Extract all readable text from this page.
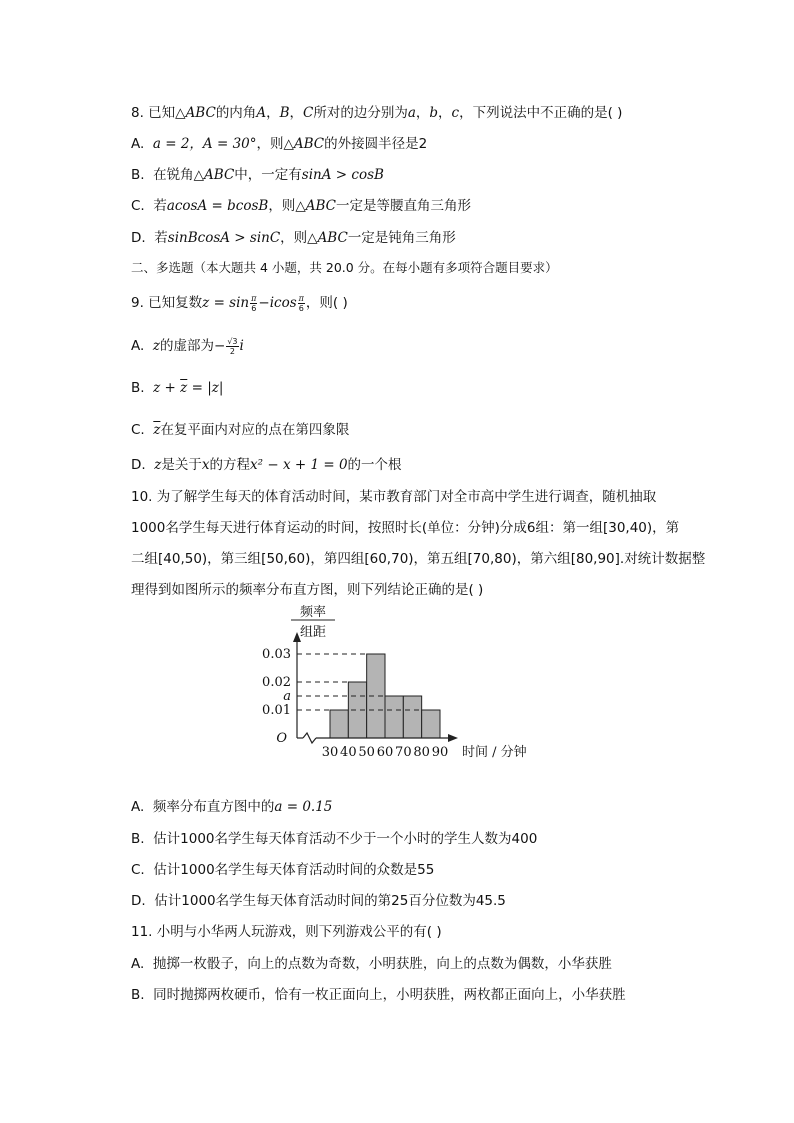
8. 已知△ABC的内角A，B，C所对的边分别为a，b，c，下列说法中不正确的是( )
A. a = 2，A = 30°，则△ABC的外接圆半径是2
B. 在锐角△ABC中，一定有sinA > cosB
C. 若acosA = bcosB，则△ABC一定是等腰直角三角形
D. 若sinBcosA > sinC，则△ABC一定是钝角三角形
二、多选题（本大题共 4 小题，共 20.0 分。在每小题有多项符合题目要求）
9. 已知复数$z = \sin \frac{\pi}{6} -icos \frac{\pi}{6}$ ，则( )
A. z的虚部为− $\frac{√3}{2}$ i
B. $z + \overline{z} = |z|$
C. $\overline{z}$在复平面内对应的点在第四象限
D. z是关于x的方程x² − x + 1 = 0的一个根
10. 为了解学生每天的体育活动时间，某市教育部门对全市高中学生进行调查，随机抽取
1000名学生每天进行体育运动的时间，按照时长(单位：分钟)分成6组：第一组[30,40)，第
二组[40,50)，第三组[50,60)，第四组[60,70)，第五组[70,80)，第六组[80,90].对统计数据整
理得到如图所示的频率分布直方图，则下列结论正确的是( )
0.03
0.02
a
0.01
30 40 50 60 70 80 90
O
频率
组距
时间 / 分钟
A. 频率分布直方图中的a = 0.15
B. 估计1000名学生每天体育活动不少于一个小时的学生人数为400
C. 估计1000名学生每天体育活动时间的众数是55
D. 估计1000名学生每天体育活动时间的第25百分位数为45.5
11. 小明与小华两人玩游戏，则下列游戏公平的有( )
A. 抛掷一枚骰子，向上的点数为奇数，小明获胜，向上的点数为偶数，小华获胜
B. 同时抛掷两枚硬币，恰有一枚正面向上，小明获胜，两枚都正面向上，小华获胜
